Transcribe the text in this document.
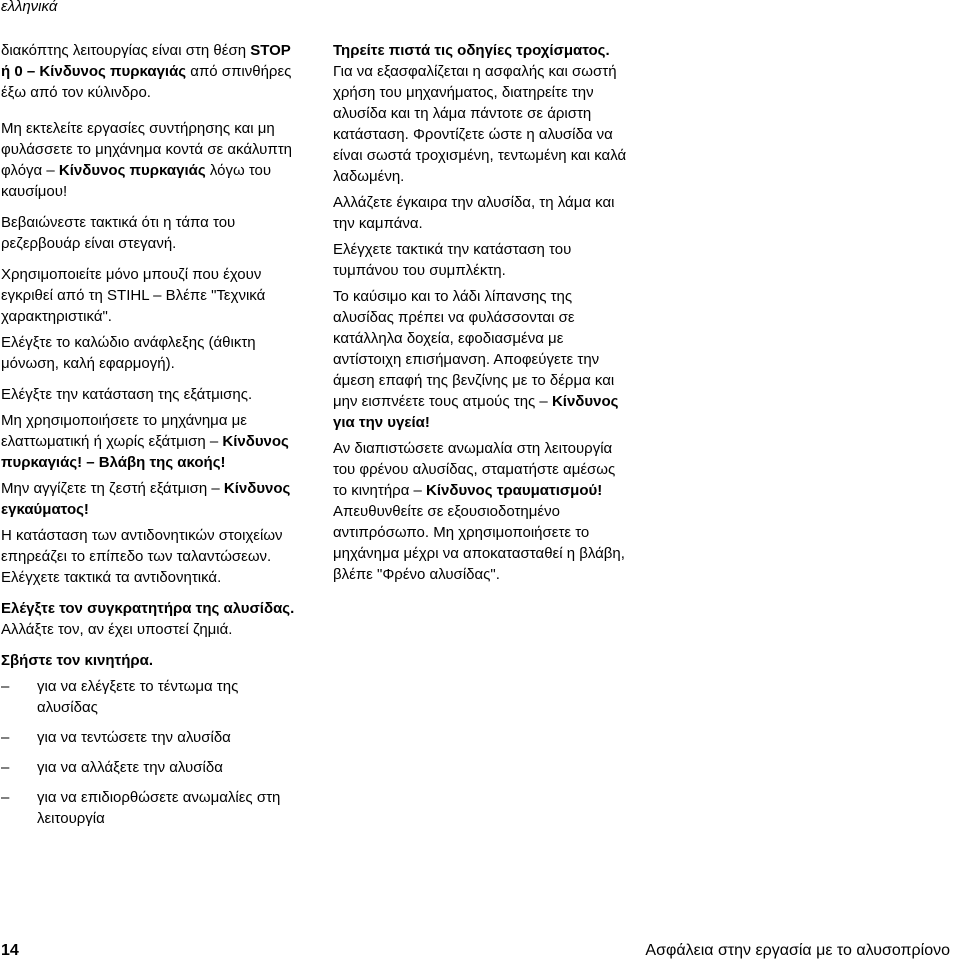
ελληνικά

διακόπτης λειτουργίας είναι στη θέση STOP ή 0 – Κίνδυνος πυρκαγιάς από σπινθήρες έξω από τον κύλινδρο.

Μη εκτελείτε εργασίες συντήρησης και μη φυλάσσετε το μηχάνημα κοντά σε ακάλυπτη φλόγα – Κίνδυνος πυρκαγιάς λόγω του καυσίμου!

Βεβαιώνεστε τακτικά ότι η τάπα του ρεζερβουάρ είναι στεγανή.

Χρησιμοποιείτε μόνο μπουζί που έχουν εγκριθεί από τη STIHL – Βλέπε "Τεχνικά χαρακτηριστικά".

Ελέγξτε το καλώδιο ανάφλεξης (άθικτη μόνωση, καλή εφαρμογή).

Ελέγξτε την κατάσταση της εξάτμισης.

Μη χρησιμοποιήσετε το μηχάνημα με ελαττωματική ή χωρίς εξάτμιση – Κίνδυνος πυρκαγιάς! – Βλάβη της ακοής!

Μην αγγίζετε τη ζεστή εξάτμιση – Κίνδυνος εγκαύματος!

Η κατάσταση των αντιδονητικών στοιχείων επηρεάζει το επίπεδο των ταλαντώσεων. Ελέγχετε τακτικά τα αντιδονητικά.

Ελέγξτε τον συγκρατητήρα της αλυσίδας. Αλλάξτε τον, αν έχει υποστεί ζημιά.

Σβήστε τον κινητήρα.

–	για να ελέγξετε το τέντωμα της αλυσίδας
–	για να τεντώσετε την αλυσίδα
–	για να αλλάξετε την αλυσίδα
–	για να επιδιορθώσετε ανωμαλίες στη λειτουργία

Τηρείτε πιστά τις οδηγίες τροχίσματος. Για να εξασφαλίζεται η ασφαλής και σωστή χρήση του μηχανήματος, διατηρείτε την αλυσίδα και τη λάμα πάντοτε σε άριστη κατάσταση. Φροντίζετε ώστε η αλυσίδα να είναι σωστά τροχισμένη, τεντωμένη και καλά λαδωμένη.

Αλλάζετε έγκαιρα την αλυσίδα, τη λάμα και την καμπάνα.

Ελέγχετε τακτικά την κατάσταση του τυμπάνου του συμπλέκτη.

Το καύσιμο και το λάδι λίπανσης της αλυσίδας πρέπει να φυλάσσονται σε κατάλληλα δοχεία, εφοδιασμένα με αντίστοιχη επισήμανση. Αποφεύγετε την άμεση επαφή της βενζίνης με το δέρμα και μην εισπνέετε τους ατμούς της – Κίνδυνος για την υγεία!

Αν διαπιστώσετε ανωμαλία στη λειτουργία του φρένου αλυσίδας, σταματήστε αμέσως το κινητήρα – Κίνδυνος τραυματισμού! Απευθυνθείτε σε εξουσιοδοτημένο αντιπρόσωπο. Μη χρησιμοποιήσετε το μηχάνημα μέχρι να αποκατασταθεί η βλάβη, βλέπε "Φρένο αλυσίδας".

14	Ασφάλεια στην εργασία με το αλυσοπρίονο
